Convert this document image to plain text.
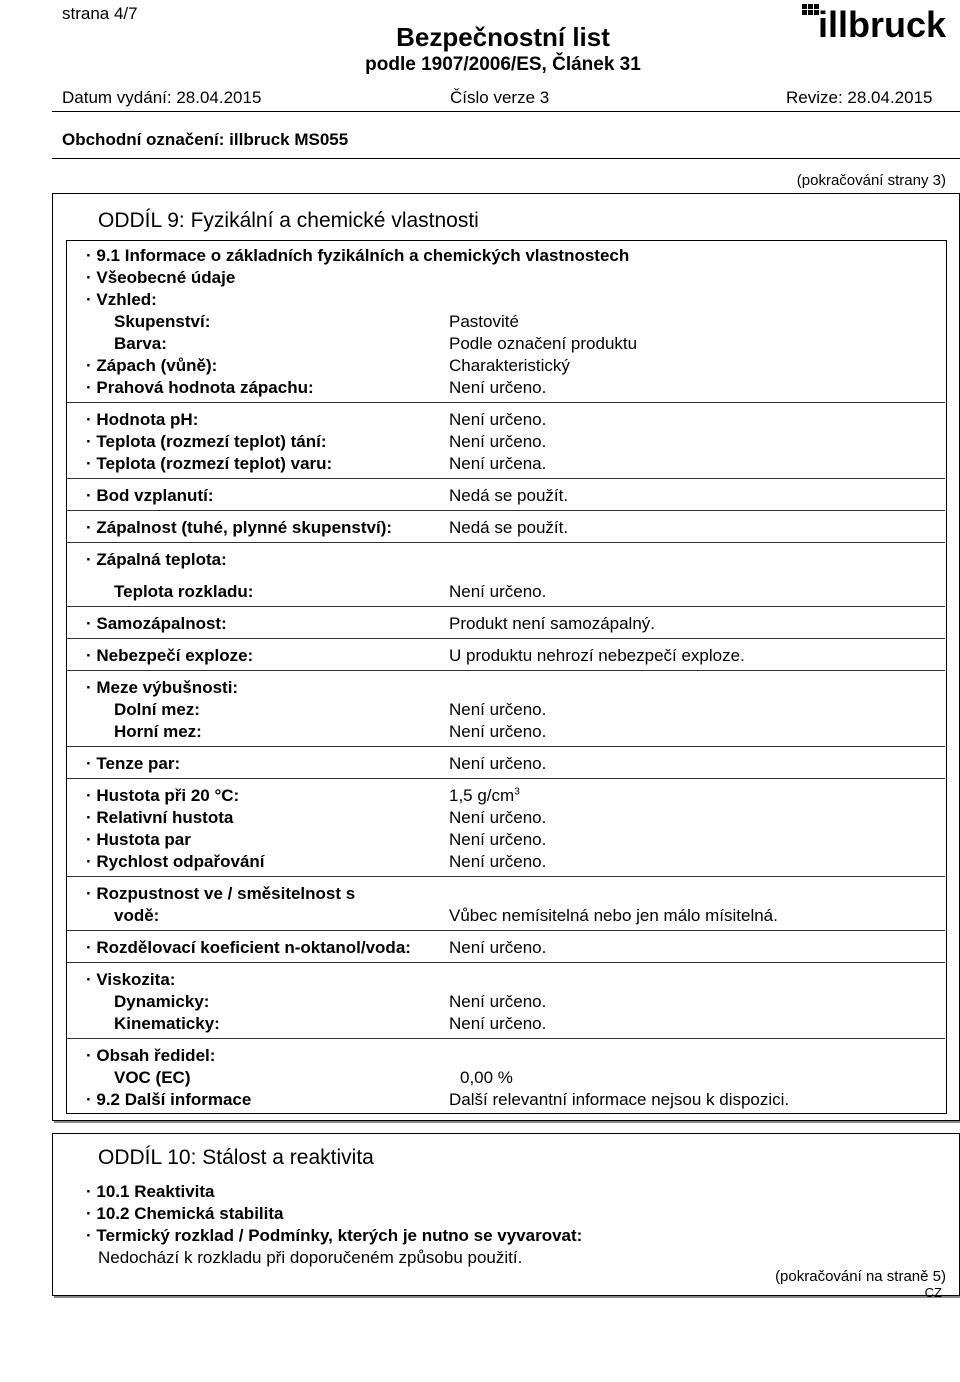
strana 4/7
Bezpečnostní list
podle 1907/2006/ES, Článek 31
illbruck
Datum vydání: 28.04.2015	Číslo verze 3	Revize: 28.04.2015
Obchodní označení: illbruck MS055
(pokračování strany 3)
ODDÍL 9: Fyzikální a chemické vlastnosti
· 9.1 Informace o základních fyzikálních a chemických vlastnostech
· Všeobecné údaje
· Vzhled:
Skupenství:	Pastovité
Barva:	Podle označení produktu
· Zápach (vůně):	Charakteristický
· Prahová hodnota zápachu:	Není určeno.
· Hodnota pH:	Není určeno.
· Teplota (rozmezí teplot) tání:	Není určeno.
· Teplota (rozmezí teplot) varu:	Není určena.
· Bod vzplanutí:	Nedá se použít.
· Zápalnost (tuhé, plynné skupenství):	Nedá se použít.
· Zápalná teplota:
Teplota rozkladu:	Není určeno.
· Samozápalnost:	Produkt není samozápalný.
· Nebezpečí exploze:	U produktu nehrozí nebezpečí exploze.
· Meze výbušnosti:
Dolní mez:	Není určeno.
Horní mez:	Není určeno.
· Tenze par:	Není určeno.
· Hustota při 20 °C:	1,5 $g/cm^3$
· Relativní hustota	Není určeno.
· Hustota par	Není určeno.
· Rychlost odpařování	Není určeno.
· Rozpustnost ve / směsitelnost s
vodě:	Vůbec nemísitelná nebo jen málo mísitelná.
· Rozdělovací koeficient n-oktanol/voda: Není určeno.
· Viskozita:
Dynamicky:	Není určeno.
Kinematicky:	Není určeno.
· Obsah ředidel:
VOC (EC)	0,00 %
· 9.2 Další informace	Další relevantní informace nejsou k dispozici.
ODDÍL 10: Stálost a reaktivita
· 10.1 Reaktivita
· 10.2 Chemická stabilita
· Termický rozklad / Podmínky, kterých je nutno se vyvarovat:
Nedochází k rozkladu při doporučeném způsobu použití.
(pokračování na straně 5)
CZ
